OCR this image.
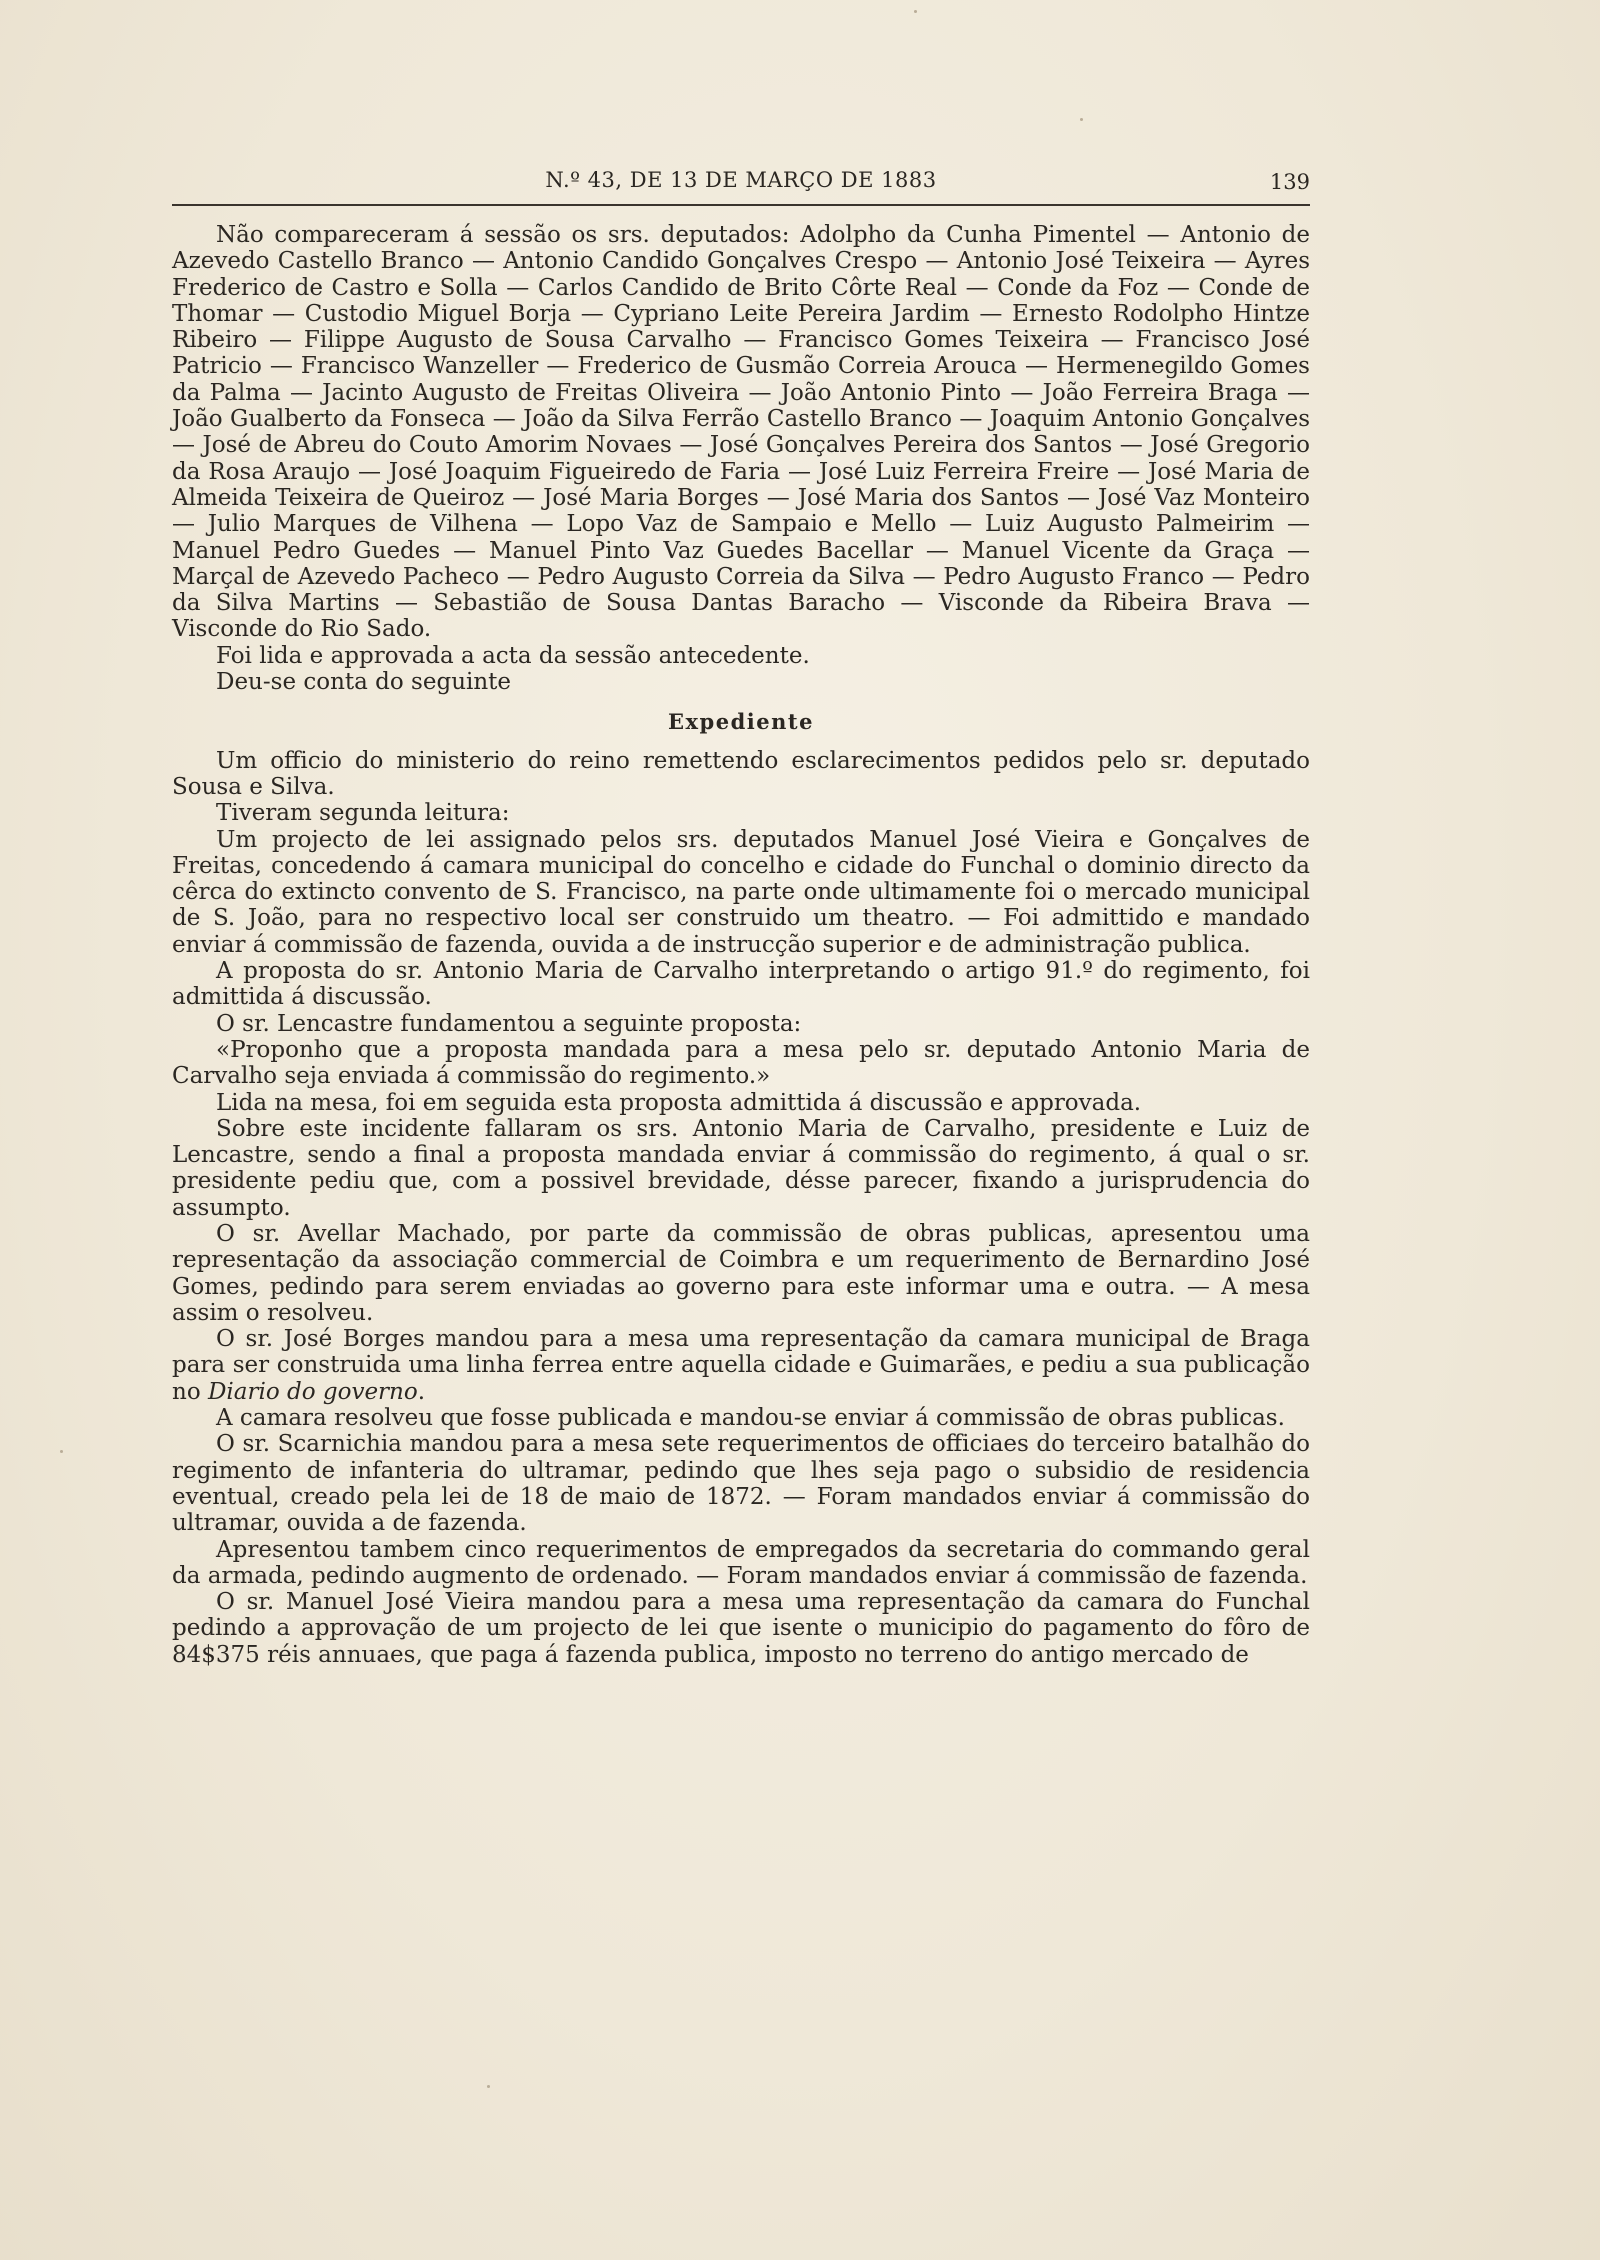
N.º 43, DE 13 DE MARÇO DE 1883	139

Não compareceram á sessão os srs. deputados: Adolpho da Cunha Pimentel — Antonio de Azevedo Castello Branco — Antonio Candido Gonçalves Crespo — Antonio José Teixeira — Ayres Frederico de Castro e Solla — Carlos Candido de Brito Côrte Real — Conde da Foz — Conde de Thomar — Custodio Miguel Borja — Cypriano Leite Pereira Jardim — Ernesto Rodolpho Hintze Ribeiro — Filippe Augusto de Sousa Carvalho — Francisco Gomes Teixeira — Francisco José Patricio — Francisco Wanzeller — Frederico de Gusmão Correia Arouca — Hermenegildo Gomes da Palma — Jacinto Augusto de Freitas Oliveira — João Antonio Pinto — João Ferreira Braga — João Gualberto da Fonseca — João da Silva Ferrão Castello Branco — Joaquim Antonio Gonçalves — José de Abreu do Couto Amorim Novaes — José Gonçalves Pereira dos Santos — José Gregorio da Rosa Araujo — José Joaquim Figueiredo de Faria — José Luiz Ferreira Freire — José Maria de Almeida Teixeira de Queiroz — José Maria Borges — José Maria dos Santos — José Vaz Monteiro — Julio Marques de Vilhena — Lopo Vaz de Sampaio e Mello — Luiz Augusto Palmeirim — Manuel Pedro Guedes — Manuel Pinto Vaz Guedes Bacellar — Manuel Vicente da Graça — Marçal de Azevedo Pacheco — Pedro Augusto Correia da Silva — Pedro Augusto Franco — Pedro da Silva Martins — Sebastião de Sousa Dantas Baracho — Visconde da Ribeira Brava — Visconde do Rio Sado.

Foi lida e approvada a acta da sessão antecedente.

Deu-se conta do seguinte

Expediente

Um officio do ministerio do reino remettendo esclarecimentos pedidos pelo sr. deputado Sousa e Silva.

Tiveram segunda leitura:

Um projecto de lei assignado pelos srs. deputados Manuel José Vieira e Gonçalves de Freitas, concedendo á camara municipal do concelho e cidade do Funchal o dominio directo da cêrca do extincto convento de S. Francisco, na parte onde ultimamente foi o mercado municipal de S. João, para no respectivo local ser construido um theatro. — Foi admittido e mandado enviar á commissão de fazenda, ouvida a de instrucção superior e de administração publica.

A proposta do sr. Antonio Maria de Carvalho interpretando o artigo 91.º do regimento, foi admittida á discussão.

O sr. Lencastre fundamentou a seguinte proposta:

«Proponho que a proposta mandada para a mesa pelo sr. deputado Antonio Maria de Carvalho seja enviada á commissão do regimento.»

Lida na mesa, foi em seguida esta proposta admittida á discussão e approvada.

Sobre este incidente fallaram os srs. Antonio Maria de Carvalho, presidente e Luiz de Lencastre, sendo a final a proposta mandada enviar á commissão do regimento, á qual o sr. presidente pediu que, com a possivel brevidade, désse parecer, fixando a jurisprudencia do assumpto.

O sr. Avellar Machado, por parte da commissão de obras publicas, apresentou uma representação da associação commercial de Coimbra e um requerimento de Bernardino José Gomes, pedindo para serem enviadas ao governo para este informar uma e outra. — A mesa assim o resolveu.

O sr. José Borges mandou para a mesa uma representação da camara municipal de Braga para ser construida uma linha ferrea entre aquella cidade e Guimarães, e pediu a sua publicação no Diario do governo.

A camara resolveu que fosse publicada e mandou-se enviar á commissão de obras publicas.

O sr. Scarnichia mandou para a mesa sete requerimentos de officiaes do terceiro batalhão do regimento de infanteria do ultramar, pedindo que lhes seja pago o subsidio de residencia eventual, creado pela lei de 18 de maio de 1872. — Foram mandados enviar á commissão do ultramar, ouvida a de fazenda.

Apresentou tambem cinco requerimentos de empregados da secretaria do commando geral da armada, pedindo augmento de ordenado. — Foram mandados enviar á commissão de fazenda.

O sr. Manuel José Vieira mandou para a mesa uma representação da camara do Funchal pedindo a approvação de um projecto de lei que isente o municipio do pagamento do fôro de 84$375 réis annuaes, que paga á fazenda publica, imposto no terreno do antigo mercado de
